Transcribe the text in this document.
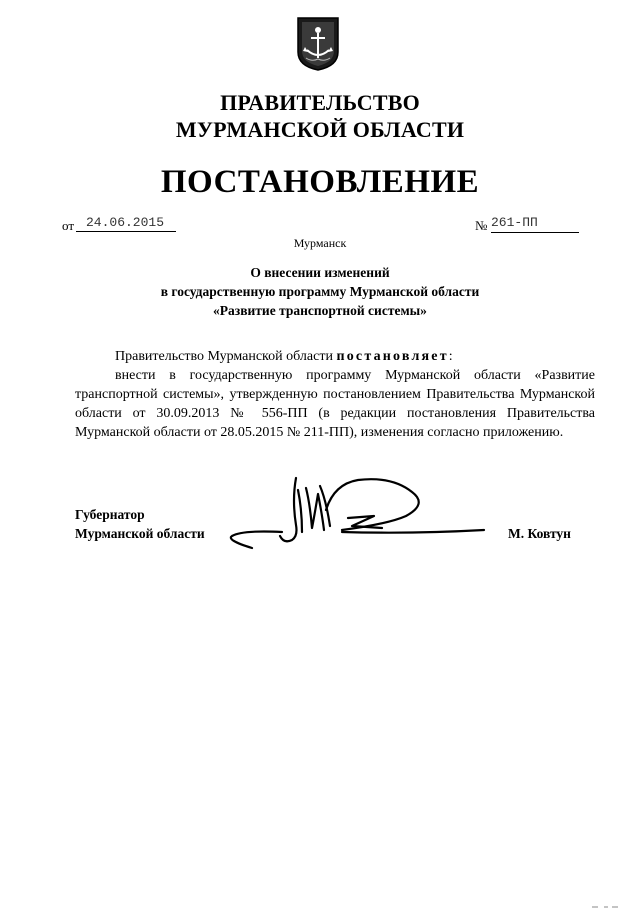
ПРАВИТЕЛЬСТВО
МУРМАНСКОЙ ОБЛАСТИ
ПОСТАНОВЛЕНИЕ
от 24.06.2015	№ 261-ПП
Мурманск
О внесении изменений
в государственную программу Мурманской области
«Развитие транспортной системы»
Правительство Мурманской области постановляет:
внести в государственную программу Мурманской области «Развитие транспортной системы», утвержденную постановлением Правительства Мурманской области от 30.09.2013 № 556-ПП (в редакции постановления Правительства Мурманской области от 28.05.2015 № 211-ПП), изменения согласно приложению.
Губернатор
Мурманской области	М. Ковтун
